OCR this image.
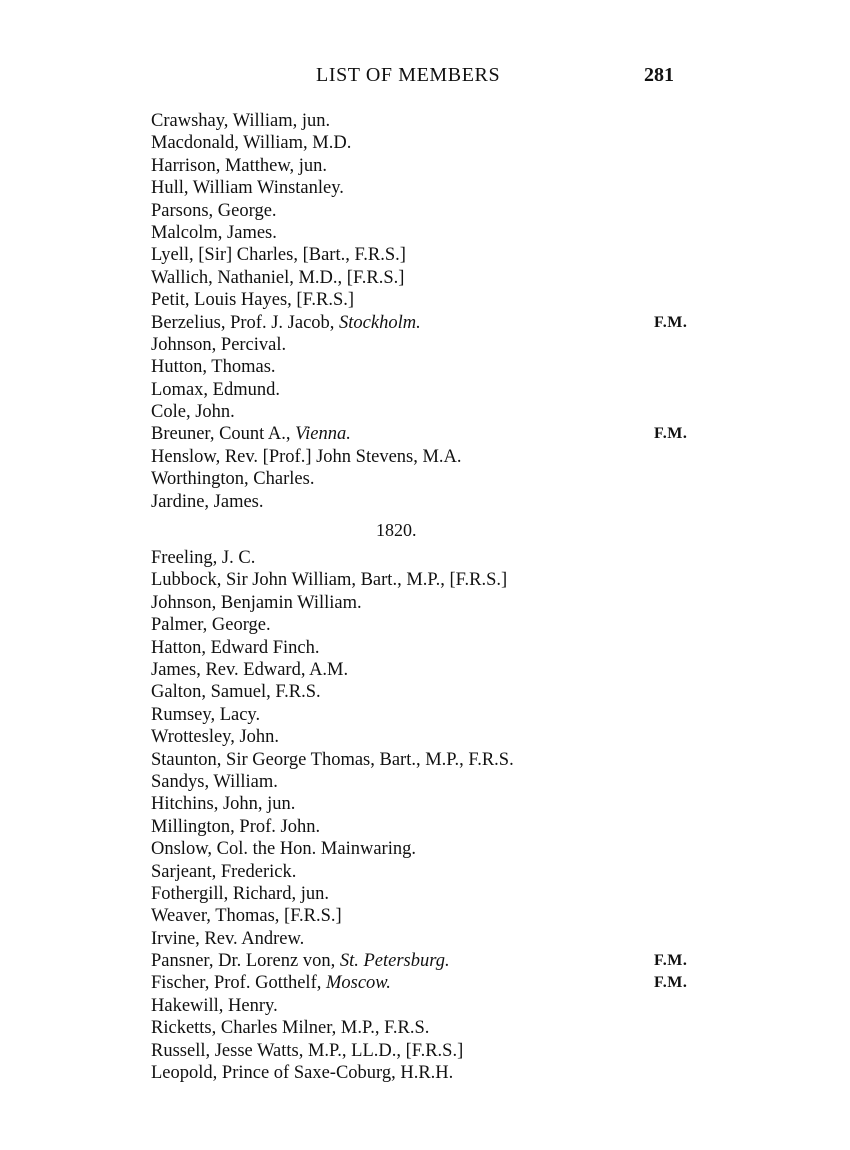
LIST OF MEMBERS	281
Crawshay, William, jun.
Macdonald, William, M.D.
Harrison, Matthew, jun.
Hull, William Winstanley.
Parsons, George.
Malcolm, James.
Lyell, [Sir] Charles, [Bart., F.R.S.]
Wallich, Nathaniel, M.D., [F.R.S.]
Petit, Louis Hayes, [F.R.S.]
Berzelius, Prof. J. Jacob, Stockholm.	F.M.
Johnson, Percival.
Hutton, Thomas.
Lomax, Edmund.
Cole, John.
Breuner, Count A., Vienna.	F.M.
Henslow, Rev. [Prof.] John Stevens, M.A.
Worthington, Charles.
Jardine, James.
1820.
Freeling, J. C.
Lubbock, Sir John William, Bart., M.P., [F.R.S.]
Johnson, Benjamin William.
Palmer, George.
Hatton, Edward Finch.
James, Rev. Edward, A.M.
Galton, Samuel, F.R.S.
Rumsey, Lacy.
Wrottesley, John.
Staunton, Sir George Thomas, Bart., M.P., F.R.S.
Sandys, William.
Hitchins, John, jun.
Millington, Prof. John.
Onslow, Col. the Hon. Mainwaring.
Sarjeant, Frederick.
Fothergill, Richard, jun.
Weaver, Thomas, [F.R.S.]
Irvine, Rev. Andrew.
Pansner, Dr. Lorenz von, St. Petersburg.	F.M.
Fischer, Prof. Gotthelf, Moscow.	F.M.
Hakewill, Henry.
Ricketts, Charles Milner, M.P., F.R.S.
Russell, Jesse Watts, M.P., LL.D., [F.R.S.]
Leopold, Prince of Saxe-Coburg, H.R.H.
